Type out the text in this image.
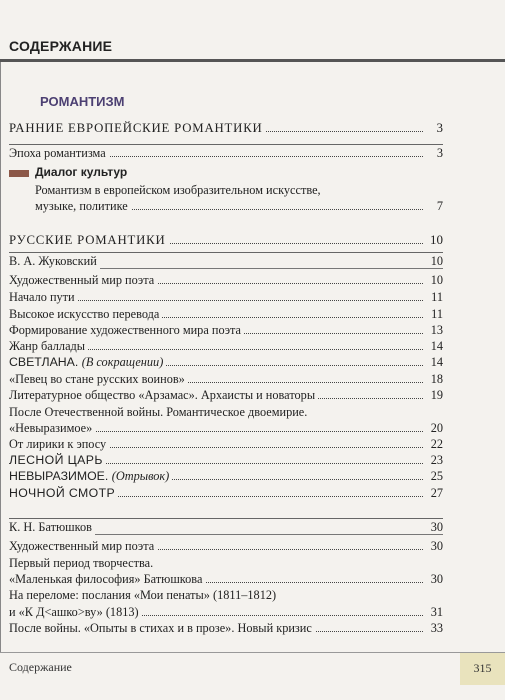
СОДЕРЖАНИЕ
РОМАНТИЗМ
РАННИЕ ЕВРОПЕЙСКИЕ РОМАНТИКИ	3
Эпоха романтизма	3
Диалог культур
Романтизм в европейском изобразительном искусстве,
музыке, политике	7
РУССКИЕ РОМАНТИКИ	10
В. А. Жуковский	10
Художественный мир поэта	10
Начало пути	11
Высокое искусство перевода	11
Формирование художественного мира поэта	13
Жанр баллады	14
СВЕТЛАНА. (В сокращении)	14
«Певец во стане русских воинов»	18
Литературное общество «Арзамас». Архаисты и новаторы	19
После Отечественной войны. Романтическое двоемирие.
«Невыразимое»	20
От лирики к эпосу	22
ЛЕСНОЙ ЦАРЬ	23
НЕВЫРАЗИМОЕ. (Отрывок)	25
НОЧНОЙ СМОТР	27
К. Н. Батюшков	30
Художественный мир поэта	30
Первый период творчества.
«Маленькая философия» Батюшкова	30
На переломе: послания «Мои пенаты» (1811–1812)
и «К Д<ашко>ву» (1813)	31
После войны. «Опыты в стихах и в прозе». Новый кризис	33
Содержание	315
